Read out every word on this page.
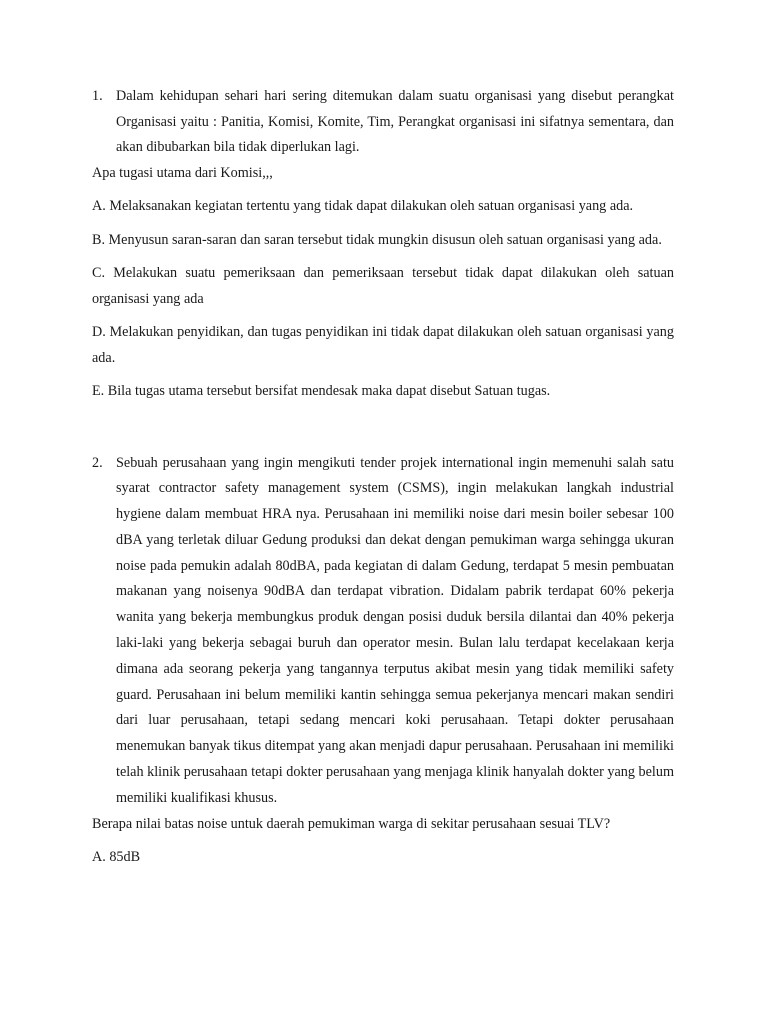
1. Dalam kehidupan sehari hari sering ditemukan dalam suatu organisasi yang disebut perangkat Organisasi yaitu : Panitia, Komisi, Komite, Tim, Perangkat organisasi ini sifatnya sementara, dan akan dibubarkan bila tidak diperlukan lagi.
Apa tugasi utama dari Komisi,,,
A. Melaksanakan kegiatan tertentu yang tidak dapat dilakukan oleh satuan organisasi yang ada.
B. Menyusun saran-saran dan saran tersebut tidak mungkin disusun oleh satuan organisasi yang ada.
C. Melakukan suatu pemeriksaan dan pemeriksaan tersebut tidak dapat dilakukan oleh satuan organisasi yang ada
D. Melakukan penyidikan, dan tugas penyidikan ini tidak dapat dilakukan oleh satuan organisasi yang ada.
E. Bila tugas utama tersebut bersifat mendesak maka dapat disebut Satuan tugas.
2. Sebuah perusahaan yang ingin mengikuti tender projek international ingin memenuhi salah satu syarat contractor safety management system (CSMS), ingin melakukan langkah industrial hygiene dalam membuat HRA nya. Perusahaan ini memiliki noise dari mesin boiler sebesar 100 dBA yang terletak diluar Gedung produksi dan dekat dengan pemukiman warga sehingga ukuran noise pada pemukin adalah 80dBA, pada kegiatan di dalam Gedung, terdapat 5 mesin pembuatan makanan yang noisenya 90dBA dan terdapat vibration. Didalam pabrik terdapat 60% pekerja wanita yang bekerja membungkus produk dengan posisi duduk bersila dilantai dan 40% pekerja laki-laki yang bekerja sebagai buruh dan operator mesin. Bulan lalu terdapat kecelakaan kerja dimana ada seorang pekerja yang tangannya terputus akibat mesin yang tidak memiliki safety guard. Perusahaan ini belum memiliki kantin sehingga semua pekerjanya mencari makan sendiri dari luar perusahaan, tetapi sedang mencari koki perusahaan. Tetapi dokter perusahaan menemukan banyak tikus ditempat yang akan menjadi dapur perusahaan. Perusahaan ini memiliki telah klinik perusahaan tetapi dokter perusahaan yang menjaga klinik hanyalah dokter yang belum memiliki kualifikasi khusus.
Berapa nilai batas noise untuk daerah pemukiman warga di sekitar perusahaan sesuai TLV?
A. 85dB
